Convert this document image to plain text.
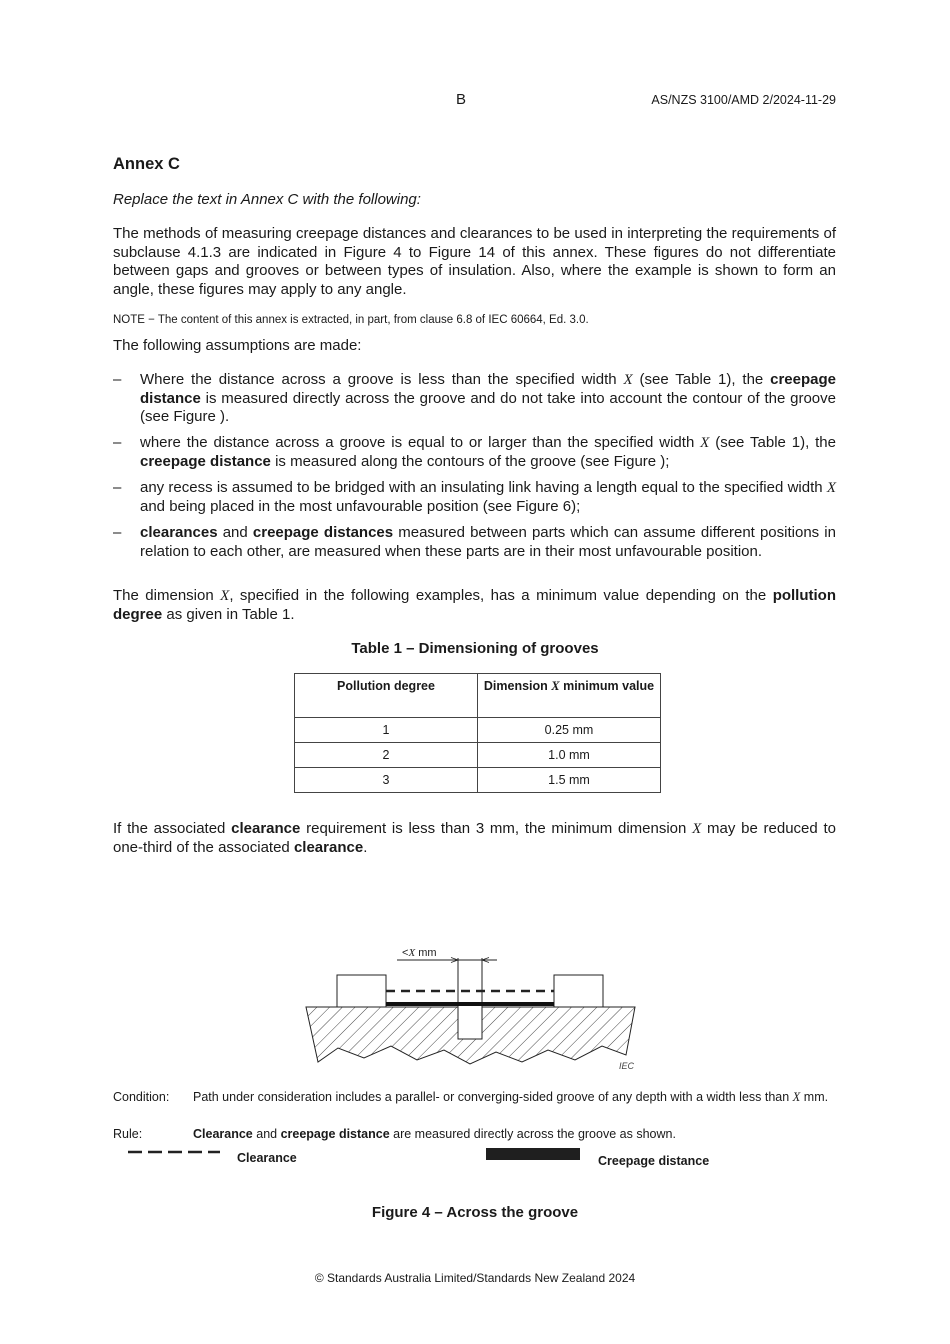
B	AS/NZS 3100/AMD 2/2024-11-29
Annex C
Replace the text in Annex C with the following:
The methods of measuring creepage distances and clearances to be used in interpreting the requirements of subclause 4.1.3 are indicated in Figure 4 to Figure 14 of this annex. These figures do not differentiate between gaps and grooves or between types of insulation. Also, where the example is shown to form an angle, these figures may apply to any angle.
NOTE − The content of this annex is extracted, in part, from clause 6.8 of IEC 60664, Ed. 3.0.
The following assumptions are made:
– Where the distance across a groove is less than the specified width X (see Table 1), the creepage distance is measured directly across the groove and do not take into account the contour of the groove (see Figure ).
– where the distance across a groove is equal to or larger than the specified width X (see Table 1), the creepage distance is measured along the contours of the groove (see Figure );
– any recess is assumed to be bridged with an insulating link having a length equal to the specified width X and being placed in the most unfavourable position (see Figure 6);
– clearances and creepage distances measured between parts which can assume different positions in relation to each other, are measured when these parts are in their most unfavourable position.
The dimension X, specified in the following examples, has a minimum value depending on the pollution degree as given in Table 1.
Table 1 – Dimensioning of grooves
Pollution degree	Dimension X minimum value
1	0.25 mm
2	1.0 mm
3	1.5 mm
If the associated clearance requirement is less than 3 mm, the minimum dimension X may be reduced to one-third of the associated clearance.
<X mm
IEC
Condition: Path under consideration includes a parallel- or converging-sided groove of any depth with a width less than X mm.
Rule:	Clearance and creepage distance are measured directly across the groove as shown.
Clearance	Creepage distance
Figure 4 – Across the groove
© Standards Australia Limited/Standards New Zealand 2024
